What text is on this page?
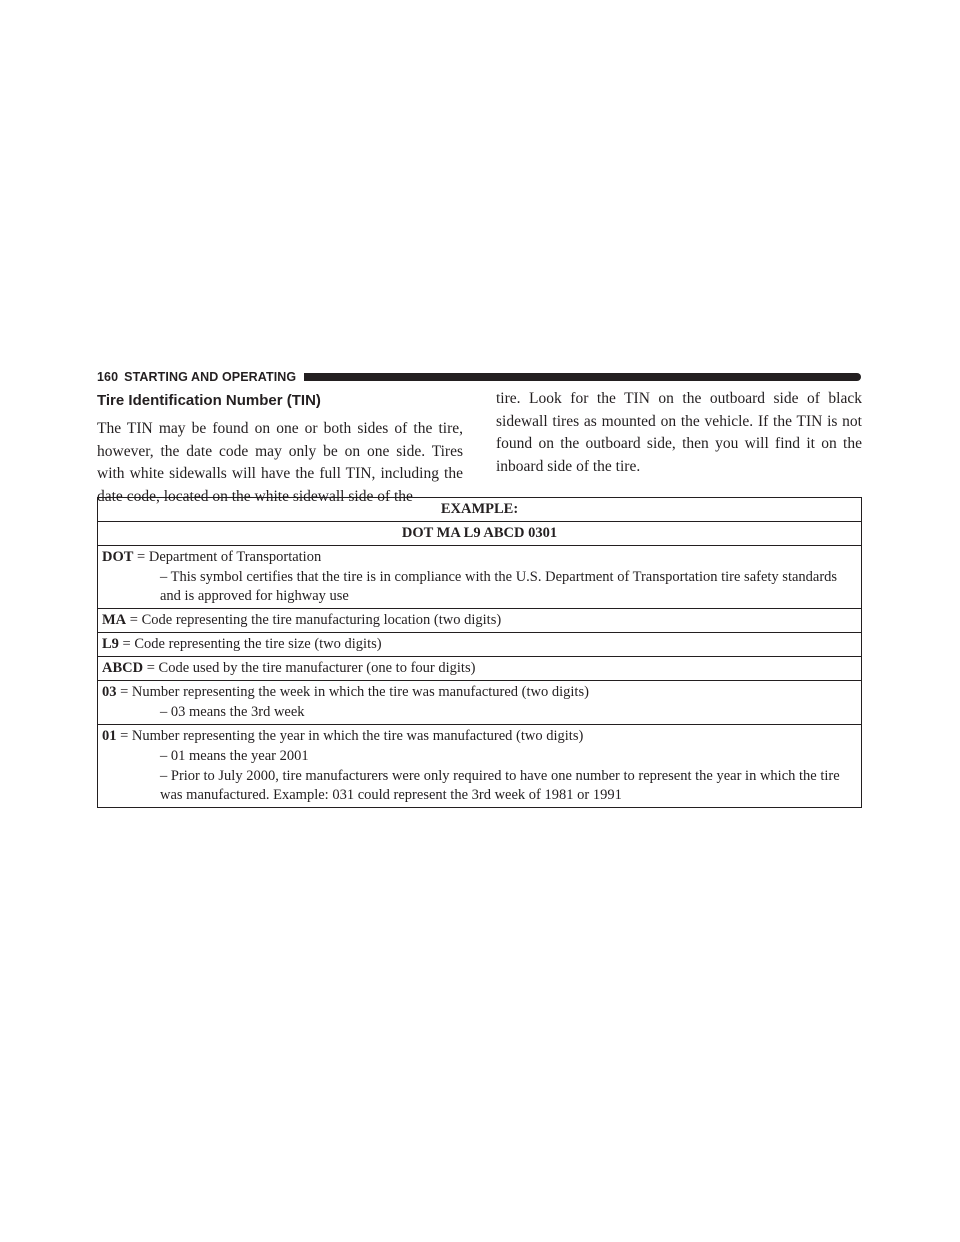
160 STARTING AND OPERATING
Tire Identification Number (TIN)

The TIN may be found on one or both sides of the tire, however, the date code may only be on one side. Tires with white sidewalls will have the full TIN, including the date code, located on the white sidewall side of the

tire. Look for the TIN on the outboard side of black sidewall tires as mounted on the vehicle. If the TIN is not found on the outboard side, then you will find it on the inboard side of the tire.

EXAMPLE:
DOT MA L9 ABCD 0301
DOT = Department of Transportation
– This symbol certifies that the tire is in compliance with the U.S. Department of Transportation tire safety standards and is approved for highway use

MA = Code representing the tire manufacturing location (two digits)
L9 = Code representing the tire size (two digits)
ABCD = Code used by the tire manufacturer (one to four digits)
03 = Number representing the week in which the tire was manufactured (two digits)
– 03 means the 3rd week

01 = Number representing the year in which the tire was manufactured (two digits)
– 01 means the year 2001
– Prior to July 2000, tire manufacturers were only required to have one number to represent the year in which the tire was manufactured. Example: 031 could represent the 3rd week of 1981 or 1991
